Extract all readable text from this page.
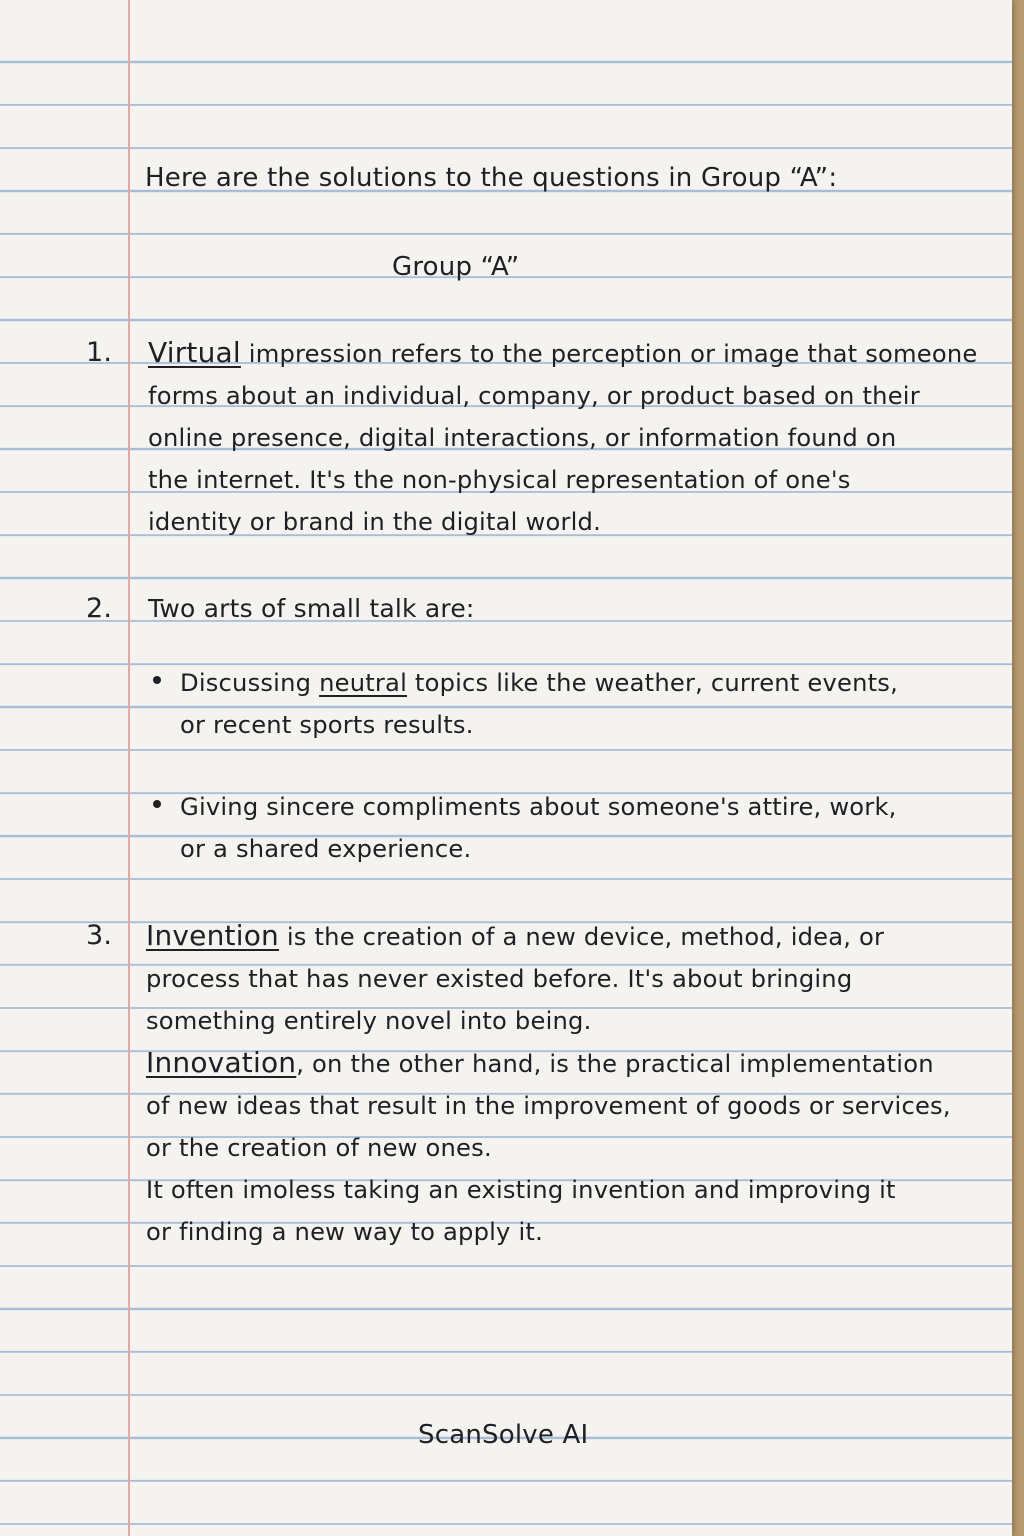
Here are the solutions to the questions in Group “A”:
Group “A”
1. Virtual impression refers to the perception or image that someone
forms about an individual, company, or product based on their
online presence, digital interactions, or information found on
the internet. It's the non-physical representation of one's
identity or brand in the digital world.
2. Two arts of small talk are:
Discussing neutral topics like the weather, current events,
or recent sports results.
Giving sincere compliments about someone's attire, work,
or a shared experience.
3. Invention is the creation of a new device, method, idea, or
process that has never existed before. It's about bringing
something entirely novel into being.
Innovation, on the other hand, is the practical implementation
of new ideas that result in the improvement of goods or services,
or the creation of new ones.
It often imoless taking an existing invention and improving it
or finding a new way to apply it.
ScanSolve AI
